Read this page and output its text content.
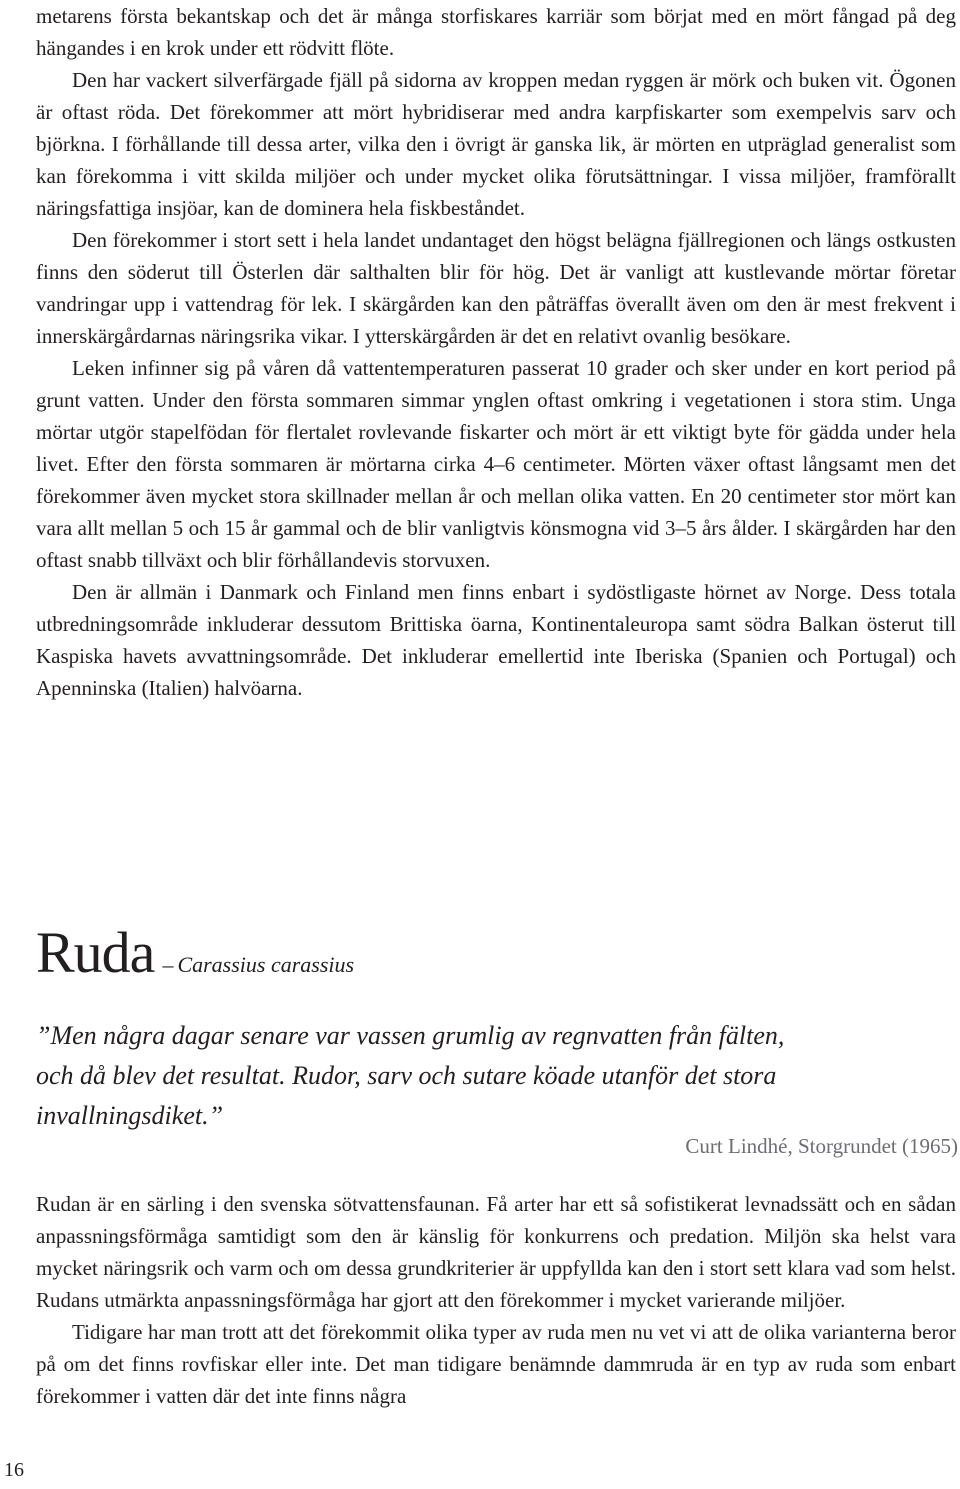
metarens första bekantskap och det är många storfiskares karriär som börjat med en mört fångad på deg hängandes i en krok under ett rödvitt flöte.

Den har vackert silverfärgade fjäll på sidorna av kroppen medan ryggen är mörk och buken vit. Ögonen är oftast röda. Det förekommer att mört hybridiserar med andra karpfiskarter som exempelvis sarv och björkna. I förhållande till dessa arter, vilka den i övrigt är ganska lik, är mörten en utpräglad generalist som kan förekomma i vitt skilda miljöer och under mycket olika förutsättningar. I vissa miljöer, framförallt näringsfattiga insjöar, kan de dominera hela fiskbeståndet.

Den förekommer i stort sett i hela landet undantaget den högst belägna fjällregionen och längs ostkusten finns den söderut till Österlen där salthalten blir för hög. Det är vanligt att kustlevande mörtar företar vandringar upp i vattendrag för lek. I skärgården kan den påträffas överallt även om den är mest frekvent i innerskärgårdarnas näringsrika vikar. I ytterskärgården är det en relativt ovanlig besökare.

Leken infinner sig på våren då vattentemperaturen passerat 10 grader och sker under en kort period på grunt vatten. Under den första sommaren simmar ynglen oftast omkring i vegetationen i stora stim. Unga mörtar utgör stapelfödan för flertalet rovlevande fiskarter och mört är ett viktigt byte för gädda under hela livet. Efter den första sommaren är mörtarna cirka 4–6 centimeter. Mörten växer oftast långsamt men det förekommer även mycket stora skillnader mellan år och mellan olika vatten. En 20 centimeter stor mört kan vara allt mellan 5 och 15 år gammal och de blir vanligtvis könsmogna vid 3–5 års ålder. I skärgården har den oftast snabb tillväxt och blir förhållandevis storvuxen.

Den är allmän i Danmark och Finland men finns enbart i sydöstligaste hörnet av Norge. Dess totala utbredningsområde inkluderar dessutom Brittiska öarna, Kontinentaleuropa samt södra Balkan österut till Kaspiska havets avvattningsområde. Det inkluderar emellertid inte Iberiska (Spanien och Portugal) och Apenninska (Italien) halvöarna.

Ruda – Carassius carassius

”Men några dagar senare var vassen grumlig av regnvatten från fälten,
och då blev det resultat. Rudor, sarv och sutare köade utanför det stora
invallningsdiket.”

Curt Lindhé, Storgrundet (1965)

Rudan är en särling i den svenska sötvattensfaunan. Få arter har ett så sofistikerat levnadssätt och en sådan anpassningsförmåga samtidigt som den är känslig för konkurrens och predation. Miljön ska helst vara mycket näringsrik och varm och om dessa grundkriterier är uppfyllda kan den i stort sett klara vad som helst. Rudans utmärkta anpassningsförmåga har gjort att den förekommer i mycket varierande miljöer.

Tidigare har man trott att det förekommit olika typer av ruda men nu vet vi att de olika varianterna beror på om det finns rovfiskar eller inte. Det man tidigare benämnde dammruda är en typ av ruda som enbart förekommer i vatten där det inte finns några

16
